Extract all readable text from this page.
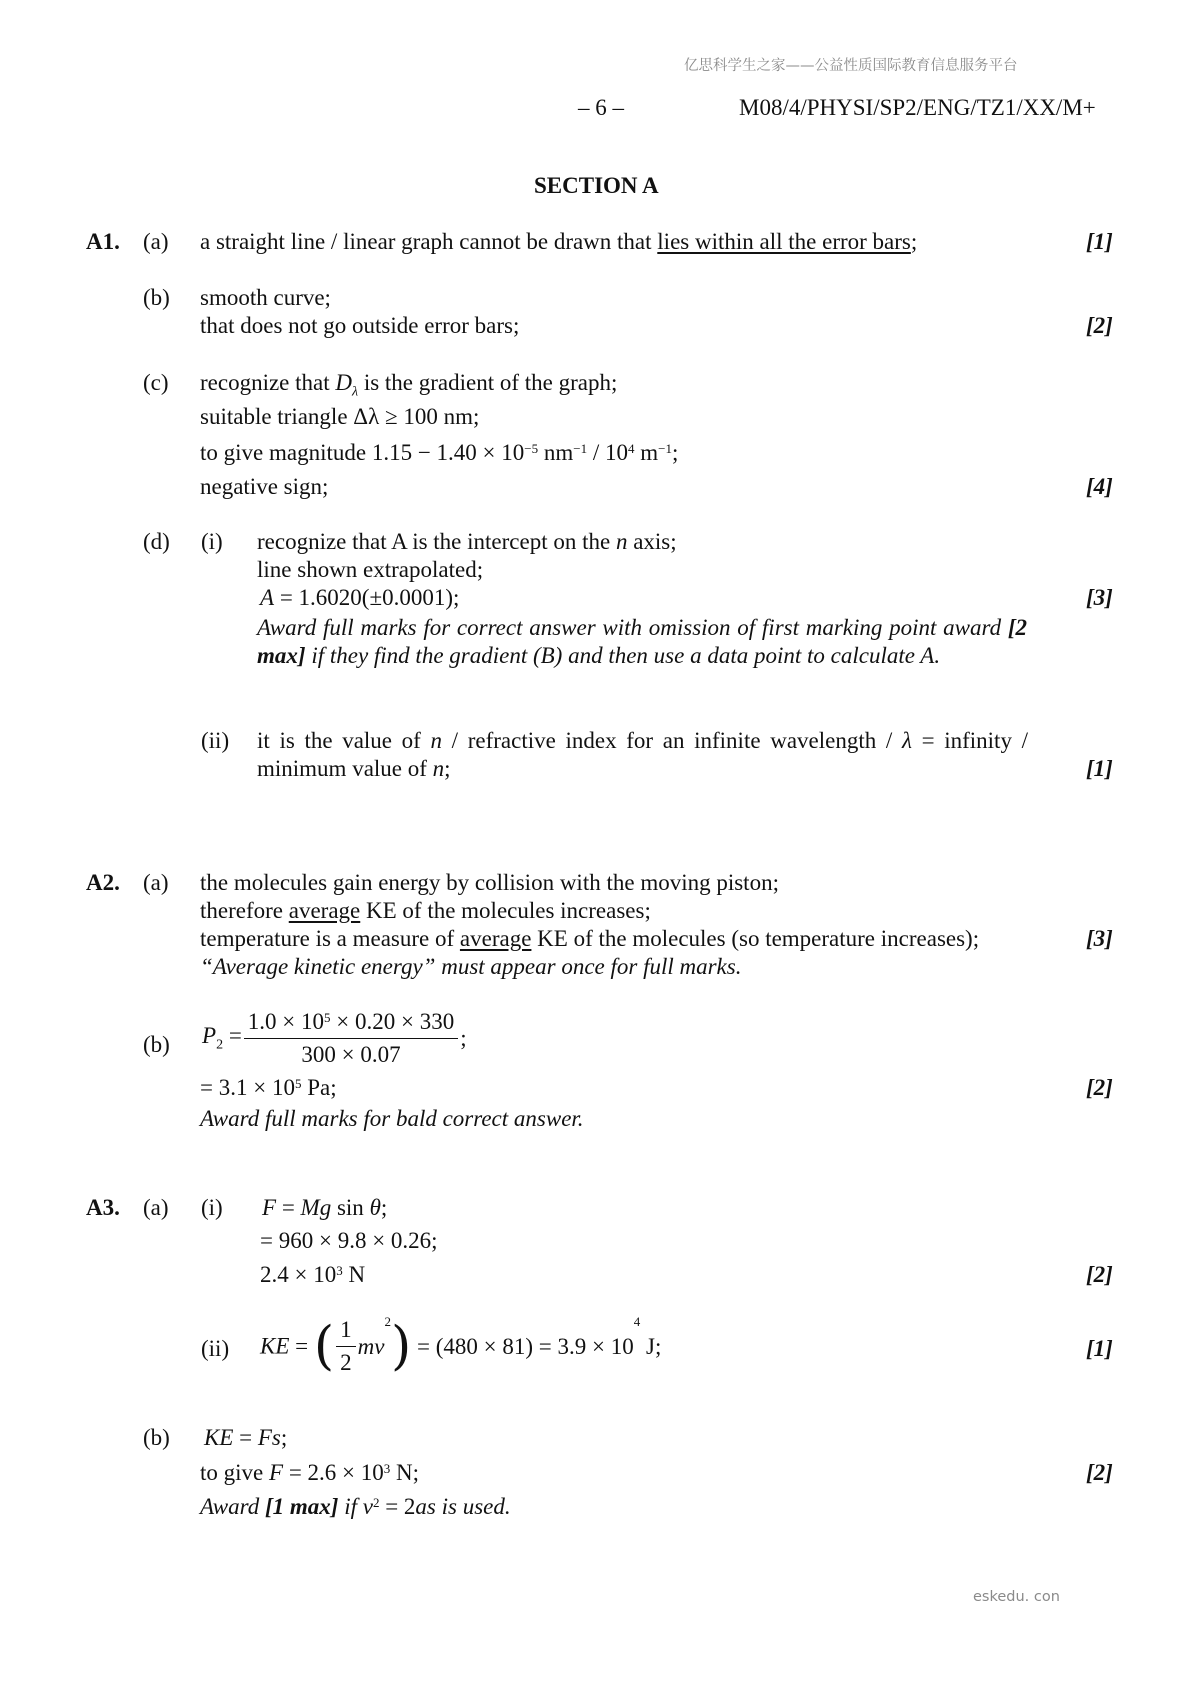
亿思科学生之家——公益性质国际教育信息服务平台
– 6 –	M08/4/PHYSI/SP2/ENG/TZ1/XX/M+
SECTION A
A1. (a) a straight line / linear graph cannot be drawn that lies within all the error bars;	[1]
(b) smooth curve;
that does not go outside error bars;	[2]
(c) recognize that $D_\lambda$ is the gradient of the graph;
suitable triangle Δλ ≥ 100 nm;
to give magnitude $1.15 - 1.40 \times 10^{-5}$ $nm^{-1} / 10^4$ $m^{-1}$;
negative sign;	[4]
(d) (i) recognize that A is the intercept on the n axis;
line shown extrapolated;
A = 1.6020(±0.0001);	[3]
Award full marks for correct answer with omission of first marking point award [2 max] if they find the gradient (B) and then use a data point to calculate A.
(ii) it is the value of n / refractive index for an infinite wavelength / λ = infinity /
minimum value of n;	[1]
A2. (a) the molecules gain energy by collision with the moving piston;
therefore average KE of the molecules increases;
temperature is a measure of average KE of the molecules (so temperature increases);	[3]
“Average kinetic energy” must appear once for full marks.
(b) $P_2 = \frac{1.0 \times 10^5 \times 0.20 \times 330}{300 \times 0.07}$ ;
= $3.1 \times 10^5$ Pa;	[2]
Award full marks for bald correct answer.
A3. (a) (i) F = Mg sin θ;
= 960 × 9.8 × 0.26;
$2.4 \times 10^3$ N	[2]
(ii) KE = ( $\frac{1}{2} mv^2) = (480 \times 81) = 3.9 \times 10^4$ J;	[1]
(b) KE = Fs;
to give $F = 2.6 \times 10^3$ N;	[2]
Award [1 max] if $v^2 = 2as$ is used.
eskedu. con
